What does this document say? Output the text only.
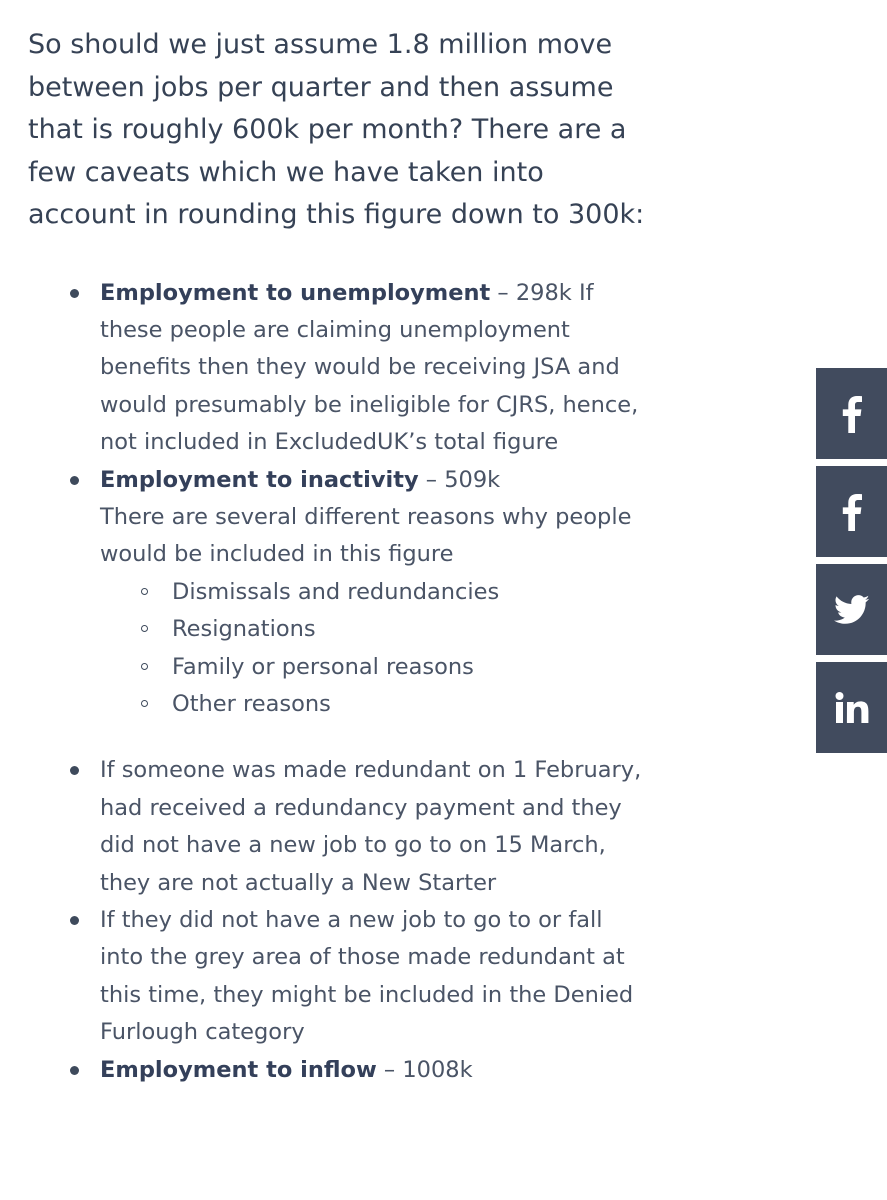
So should we just assume 1.8 million move between jobs per quarter and then assume that is roughly 600k per month? There are a few caveats which we have taken into account in rounding this figure down to 300k:

Employment to unemployment – 298k If these people are claiming unemployment benefits then they would be receiving JSA and would presumably be ineligible for CJRS, hence, not included in ExcludedUK’s total figure
Employment to inactivity – 509k
There are several different reasons why people would be included in this figure
Dismissals and redundancies
Resignations
Family or personal reasons
Other reasons
If someone was made redundant on 1 February, had received a redundancy payment and they did not have a new job to go to on 15 March, they are not actually a New Starter
If they did not have a new job to go to or fall into the grey area of those made redundant at this time, they might be included in the Denied Furlough category
Employment to inflow – 1008k
